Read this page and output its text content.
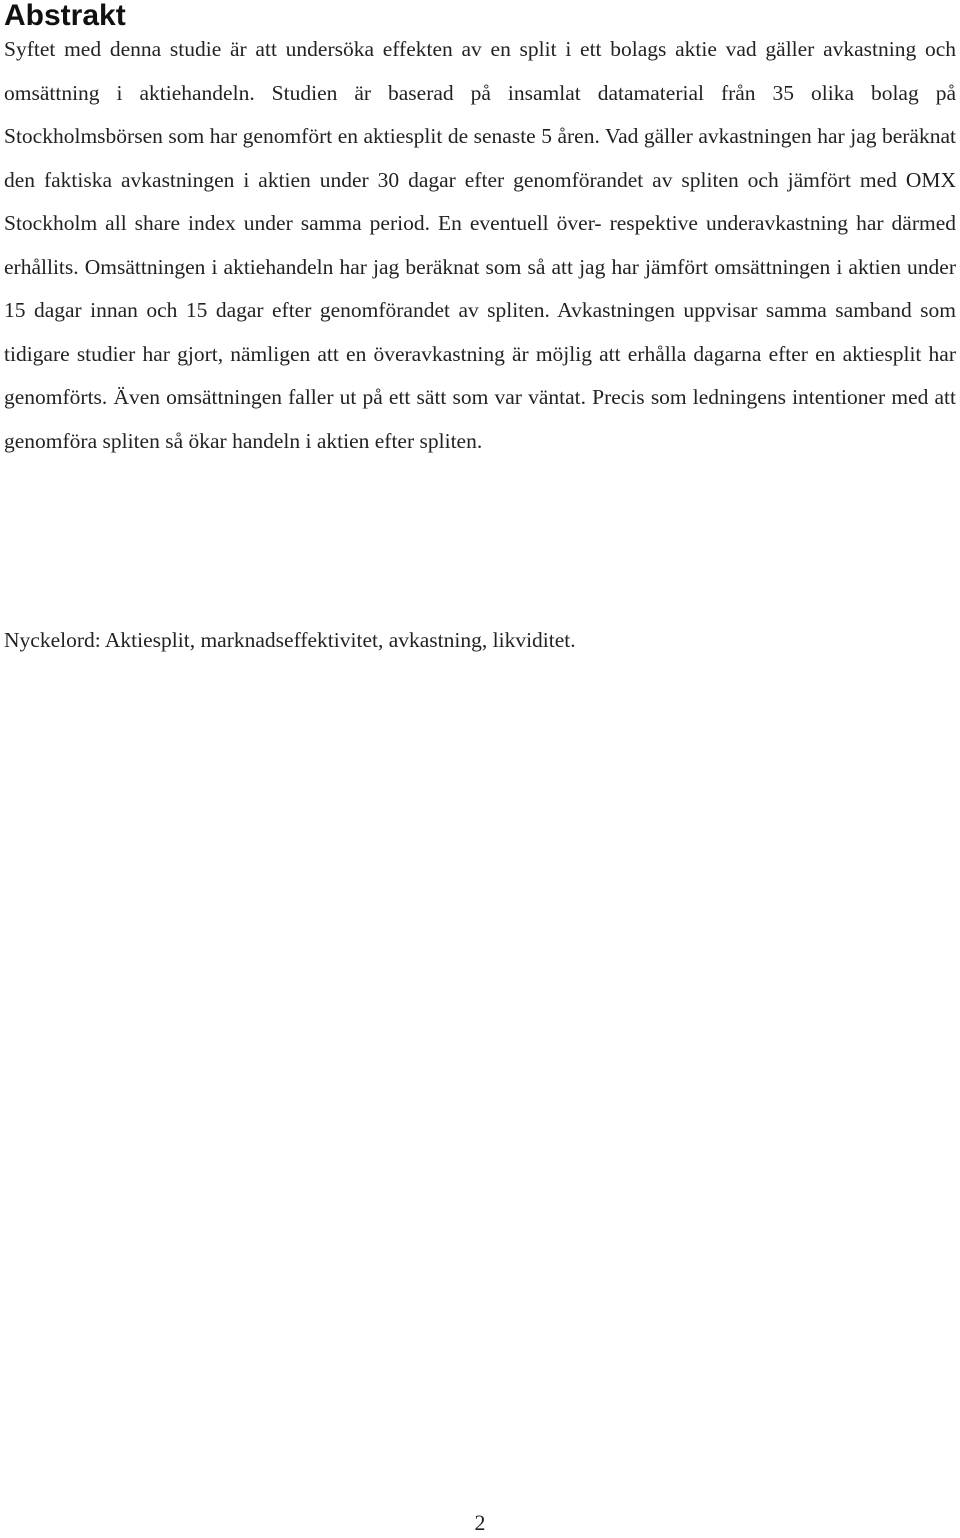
Abstrakt

Syftet med denna studie är att undersöka effekten av en split i ett bolags aktie vad gäller avkastning och omsättning i aktiehandeln. Studien är baserad på insamlat datamaterial från 35 olika bolag på Stockholmsbörsen som har genomfört en aktiesplit de senaste 5 åren. Vad gäller avkastningen har jag beräknat den faktiska avkastningen i aktien under 30 dagar efter genomförandet av spliten och jämfört med OMX Stockholm all share index under samma period. En eventuell över- respektive underavkastning har därmed erhållits. Omsättningen i aktiehandeln har jag beräknat som så att jag har jämfört omsättningen i aktien under 15 dagar innan och 15 dagar efter genomförandet av spliten. Avkastningen uppvisar samma samband som tidigare studier har gjort, nämligen att en överavkastning är möjlig att erhålla dagarna efter en aktiesplit har genomförts. Även omsättningen faller ut på ett sätt som var väntat. Precis som ledningens intentioner med att genomföra spliten så ökar handeln i aktien efter spliten.

Nyckelord: Aktiesplit, marknadseffektivitet, avkastning, likviditet.

2
